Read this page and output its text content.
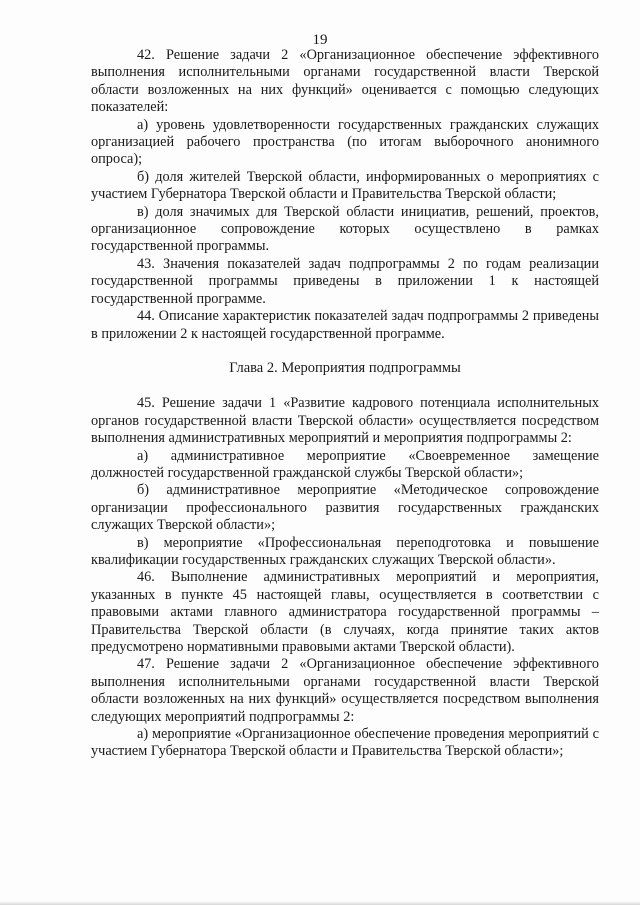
19

42. Решение задачи 2 «Организационное обеспечение эффективного выполнения исполнительными органами государственной власти Тверской области возложенных на них функций» оценивается с помощью следующих показателей:

а) уровень удовлетворенности государственных гражданских служащих организацией рабочего пространства (по итогам выборочного анонимного опроса);

б) доля жителей Тверской области, информированных о мероприятиях с участием Губернатора Тверской области и Правительства Тверской области;

в) доля значимых для Тверской области инициатив, решений, проектов, организационное сопровождение которых осуществлено в рамках государственной программы.

43. Значения показателей задач подпрограммы 2 по годам реализации государственной программы приведены в приложении 1 к настоящей государственной программе.

44. Описание характеристик показателей задач подпрограммы 2 приведены в приложении 2 к настоящей государственной программе.

Глава 2. Мероприятия подпрограммы

45. Решение задачи 1 «Развитие кадрового потенциала исполнительных органов государственной власти Тверской области» осуществляется посредством выполнения административных мероприятий и мероприятия подпрограммы 2:

а) административное мероприятие «Своевременное замещение должностей государственной гражданской службы Тверской области»;

б) административное мероприятие «Методическое сопровождение организации профессионального развития государственных гражданских служащих Тверской области»;

в) мероприятие «Профессиональная переподготовка и повышение квалификации государственных гражданских служащих Тверской области».

46. Выполнение административных мероприятий и мероприятия, указанных в пункте 45 настоящей главы, осуществляется в соответствии с правовыми актами главного администратора государственной программы – Правительства Тверской области (в случаях, когда принятие таких актов предусмотрено нормативными правовыми актами Тверской области).

47. Решение задачи 2 «Организационное обеспечение эффективного выполнения исполнительными органами государственной власти Тверской области возложенных на них функций» осуществляется посредством выполнения следующих мероприятий подпрограммы 2:

а) мероприятие «Организационное обеспечение проведения мероприятий с участием Губернатора Тверской области и Правительства Тверской области»;
